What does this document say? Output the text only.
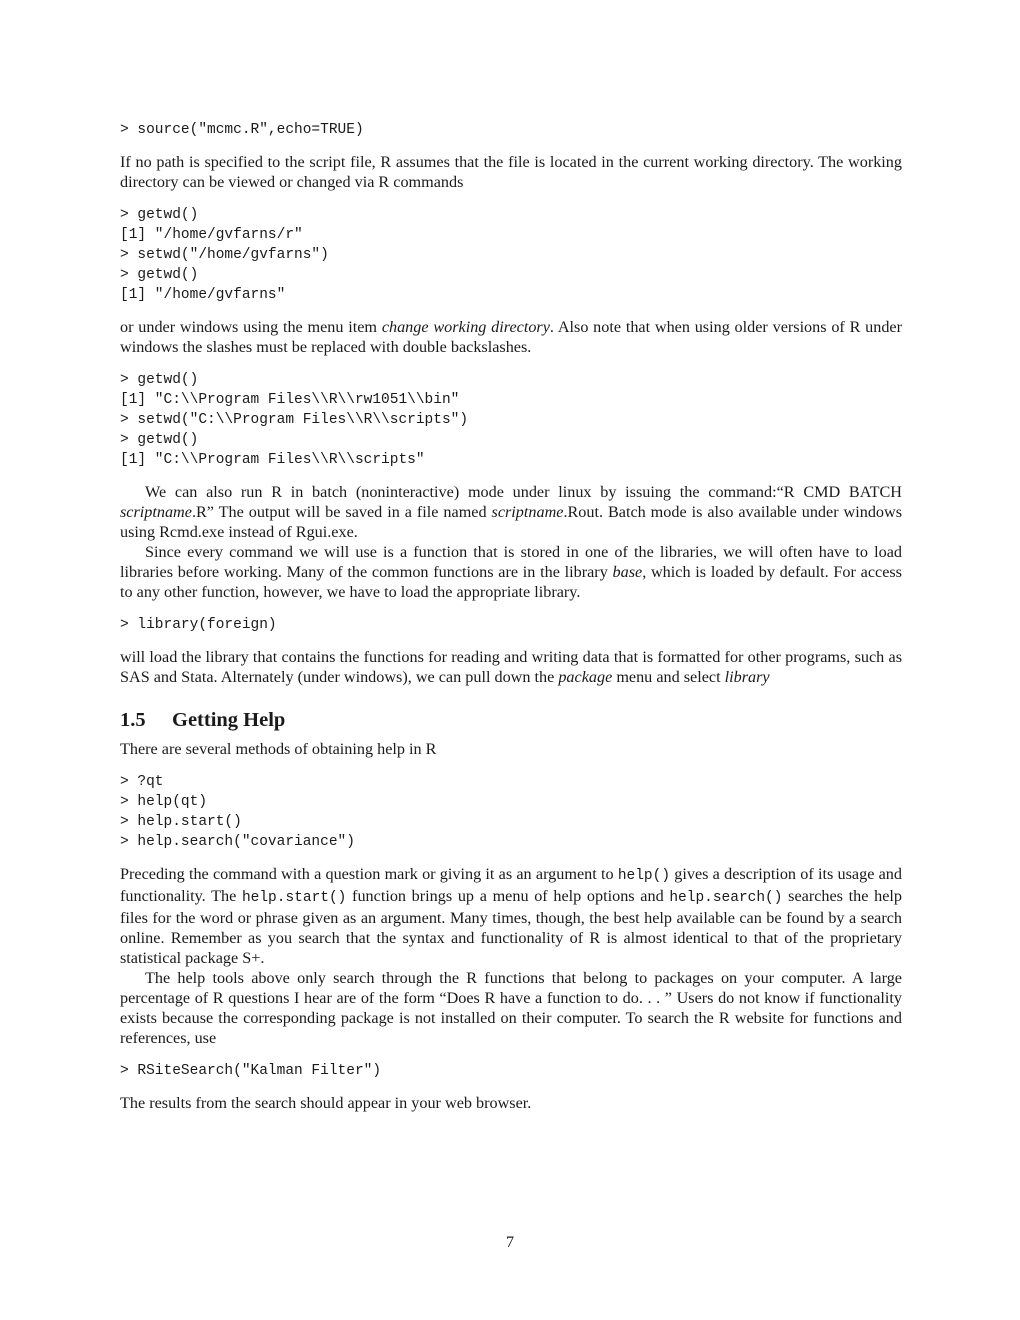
> source("mcmc.R",echo=TRUE)

If no path is specified to the script file, R assumes that the file is located in the current working directory. The working directory can be viewed or changed via R commands

> getwd()
[1] "/home/gvfarns/r"
> setwd("/home/gvfarns")
> getwd()
[1] "/home/gvfarns"

or under windows using the menu item change working directory. Also note that when using older versions of R under windows the slashes must be replaced with double backslashes.

> getwd()
[1] "C:\\Program Files\\R\\rw1051\\bin"
> setwd("C:\\Program Files\\R\\scripts")
> getwd()
[1] "C:\\Program Files\\R\\scripts"

We can also run R in batch (noninteractive) mode under linux by issuing the command:“R CMD BATCH scriptname.R” The output will be saved in a file named scriptname.Rout. Batch mode is also available under windows using Rcmd.exe instead of Rgui.exe.

Since every command we will use is a function that is stored in one of the libraries, we will often have to load libraries before working. Many of the common functions are in the library base, which is loaded by default. For access to any other function, however, we have to load the appropriate library.

> library(foreign)

will load the library that contains the functions for reading and writing data that is formatted for other programs, such as SAS and Stata. Alternately (under windows), we can pull down the package menu and select library

1.5 Getting Help

There are several methods of obtaining help in R

> ?qt
> help(qt)
> help.start()
> help.search("covariance")

Preceding the command with a question mark or giving it as an argument to help() gives a description of its usage and functionality. The help.start() function brings up a menu of help options and help.search() searches the help files for the word or phrase given as an argument. Many times, though, the best help available can be found by a search online. Remember as you search that the syntax and functionality of R is almost identical to that of the proprietary statistical package S+.

The help tools above only search through the R functions that belong to packages on your computer. A large percentage of R questions I hear are of the form “Does R have a function to do. . . ” Users do not know if functionality exists because the corresponding package is not installed on their computer. To search the R website for functions and references, use

> RSiteSearch("Kalman Filter")

The results from the search should appear in your web browser.

7
